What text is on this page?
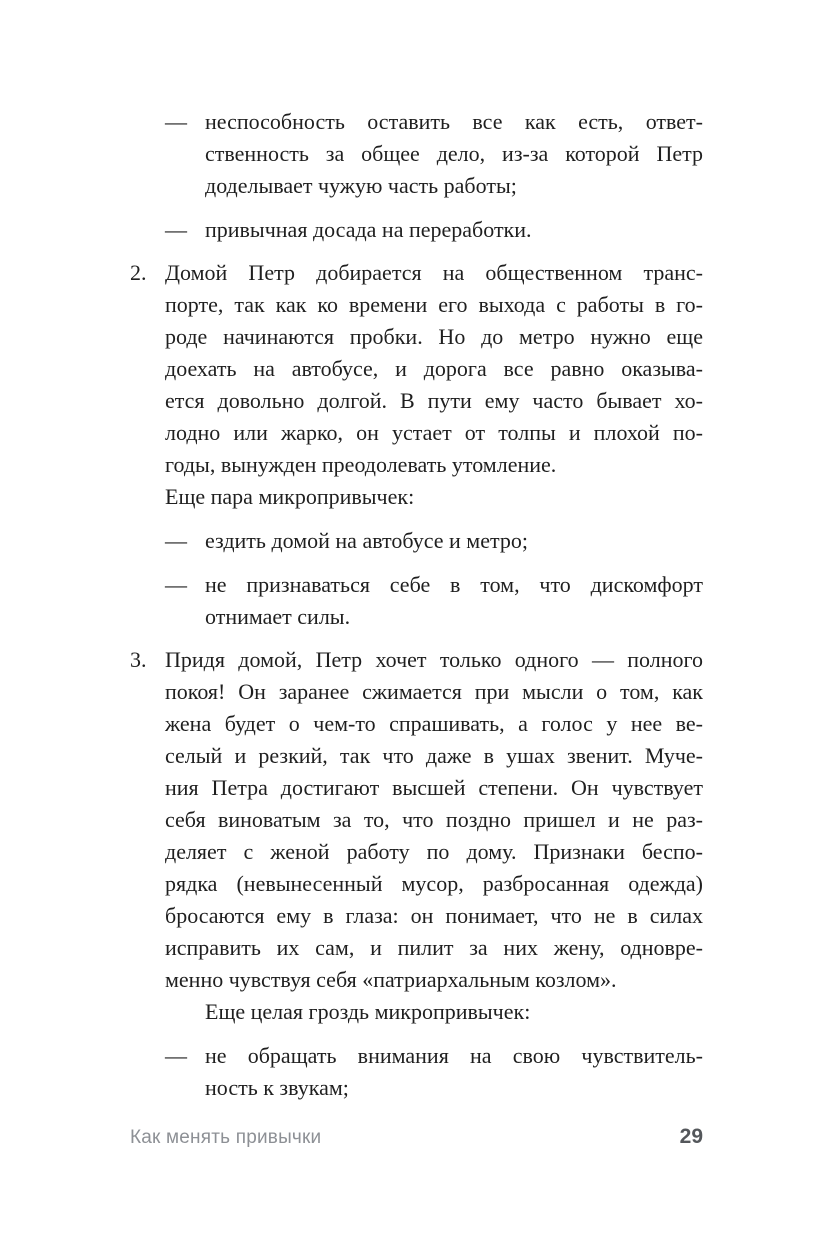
— неспособность оставить все как есть, ответ-
ственность за общее дело, из-за которой Петр
доделывает чужую часть работы;
— привычная досада на переработки.
2. Домой Петр добирается на общественном транс-
порте, так как ко времени его выхода с работы в го-
роде начинаются пробки. Но до метро нужно еще
доехать на автобусе, и дорога все равно оказыва-
ется довольно долгой. В пути ему часто бывает хо-
лодно или жарко, он устает от толпы и плохой по-
годы, вынужден преодолевать утомление.
Еще пара микропривычек:
— ездить домой на автобусе и метро;
— не признаваться себе в том, что дискомфорт
отнимает силы.
3. Придя домой, Петр хочет только одного — полного
покоя! Он заранее сжимается при мысли о том, как
жена будет о чем-то спрашивать, а голос у нее ве-
селый и резкий, так что даже в ушах звенит. Муче-
ния Петра достигают высшей степени. Он чувствует
себя виноватым за то, что поздно пришел и не раз-
деляет с женой работу по дому. Признаки беспо-
рядка (невынесенный мусор, разбросанная одежда)
бросаются ему в глаза: он понимает, что не в силах
исправить их сам, и пилит за них жену, одновре-
менно чувствуя себя «патриархальным козлом».
Еще целая гроздь микропривычек:
— не обращать внимания на свою чувствитель-
ность к звукам;
Как менять привычки	29
